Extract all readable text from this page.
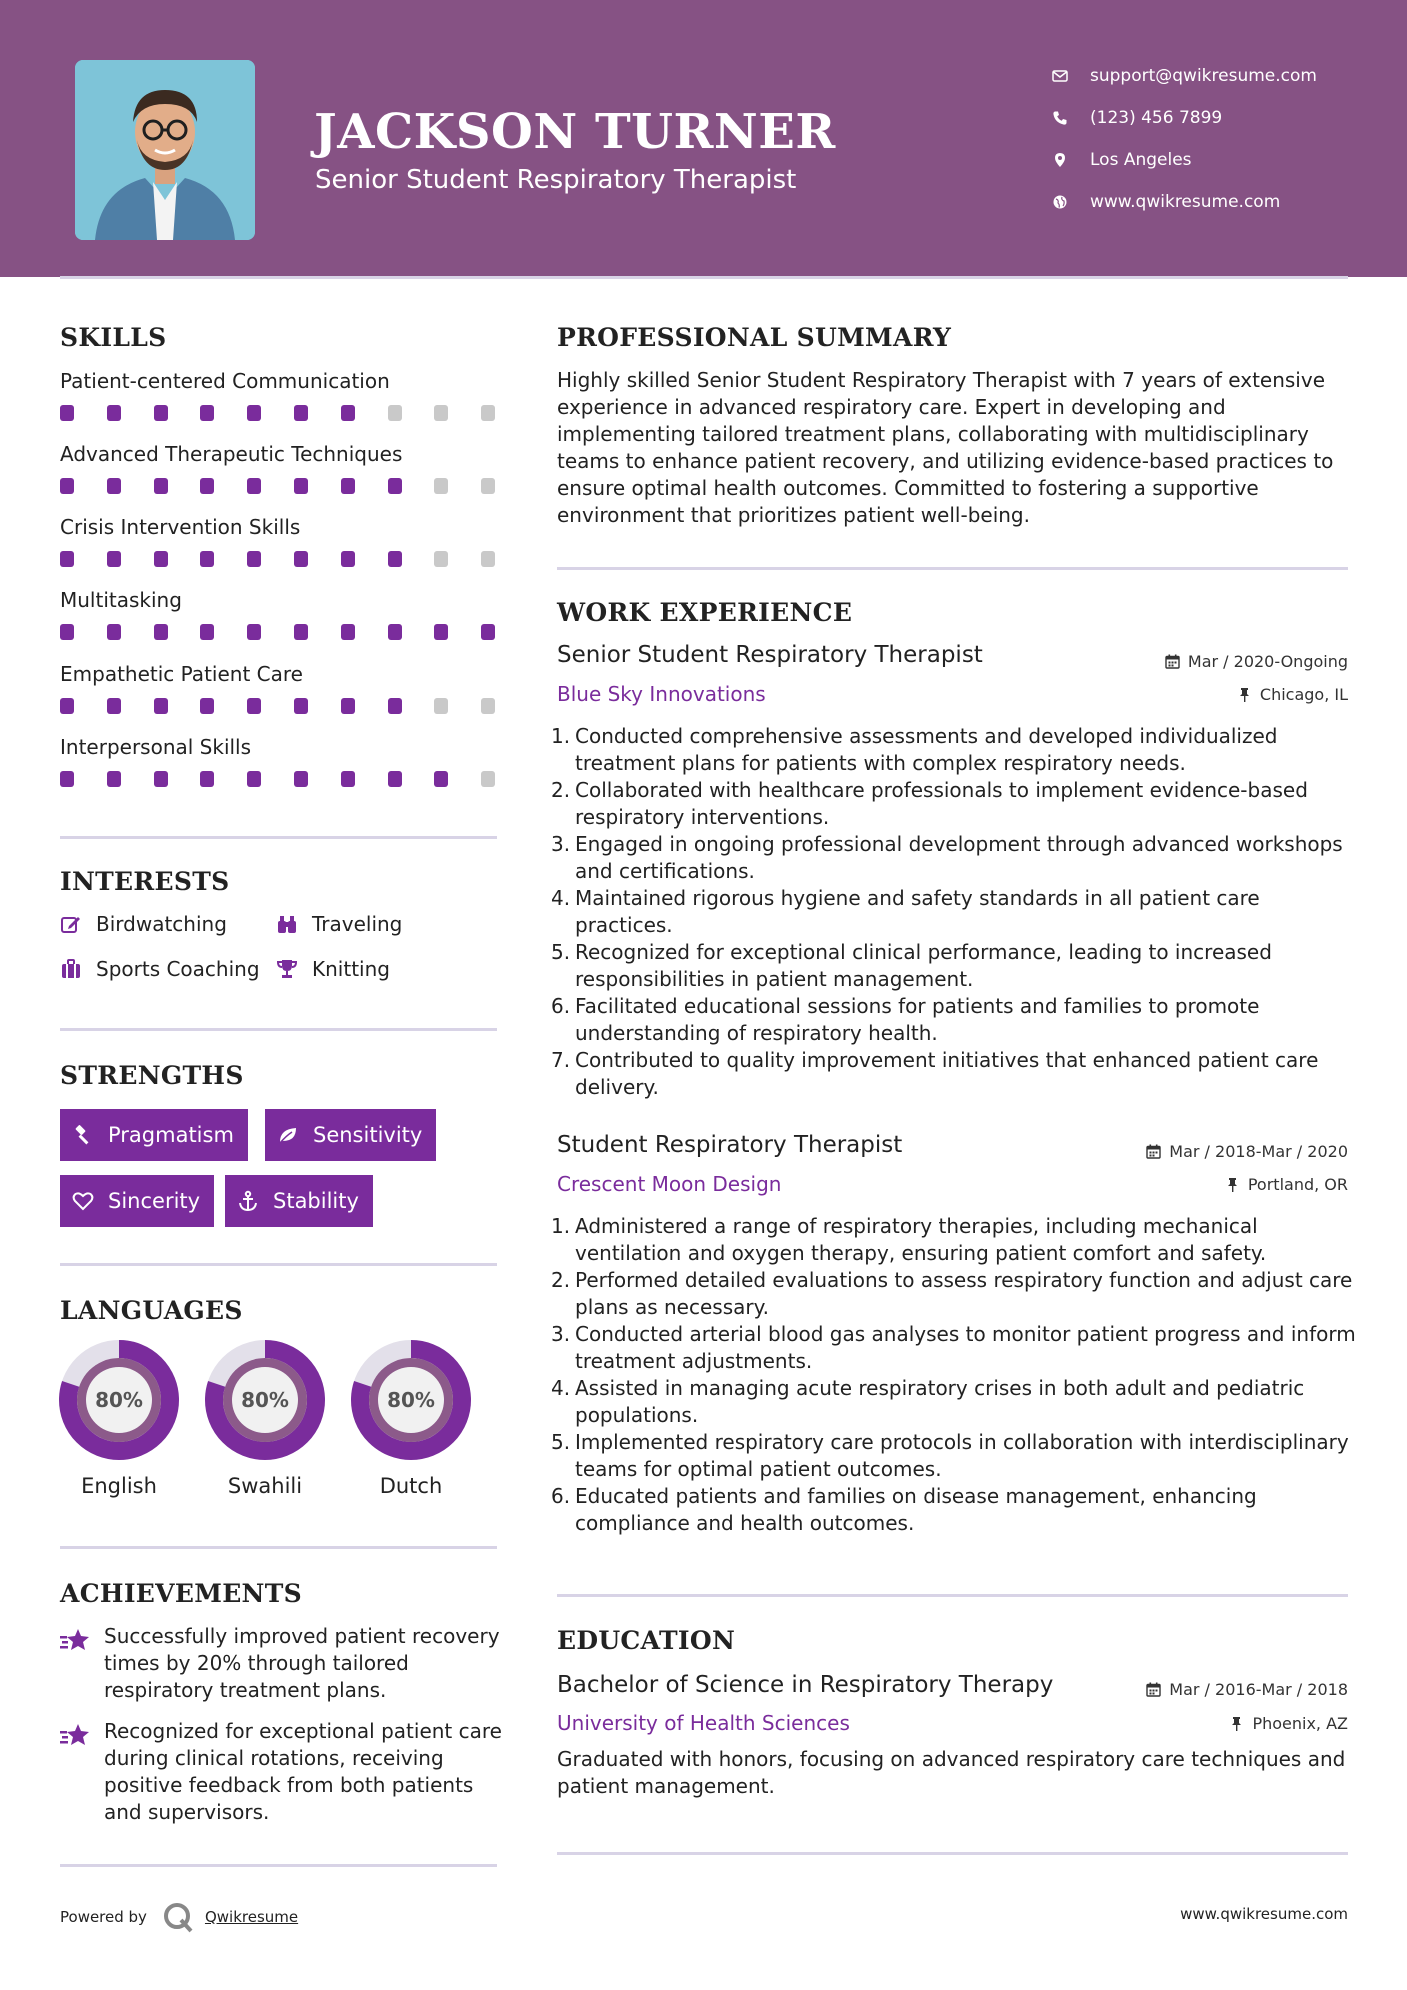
JACKSON TURNER
Senior Student Respiratory Therapist
support@qwikresume.com
(123) 456 7899
Los Angeles
www.qwikresume.com
SKILLS
Patient-centered Communication
Advanced Therapeutic Techniques
Crisis Intervention Skills
Multitasking
Empathetic Patient Care
Interpersonal Skills
INTERESTS
Birdwatching	Traveling
Sports Coaching	Knitting
STRENGTHS
Pragmatism	Sensitivity
Sincerity	Stability
LANGUAGES
80%
English
80%
Swahili
80%
Dutch
ACHIEVEMENTS
Successfully improved patient recovery times by 20% through tailored respiratory treatment plans.
Recognized for exceptional patient care during clinical rotations, receiving positive feedback from both patients and supervisors.
PROFESSIONAL SUMMARY
Highly skilled Senior Student Respiratory Therapist with 7 years of extensive experience in advanced respiratory care. Expert in developing and implementing tailored treatment plans, collaborating with multidisciplinary teams to enhance patient recovery, and utilizing evidence-based practices to ensure optimal health outcomes. Committed to fostering a supportive environment that prioritizes patient well-being.
WORK EXPERIENCE
Senior Student Respiratory Therapist	Mar / 2020-Ongoing
Blue Sky Innovations	Chicago, IL
1. Conducted comprehensive assessments and developed individualized treatment plans for patients with complex respiratory needs.
2. Collaborated with healthcare professionals to implement evidence-based respiratory interventions.
3. Engaged in ongoing professional development through advanced workshops and certifications.
4. Maintained rigorous hygiene and safety standards in all patient care practices.
5. Recognized for exceptional clinical performance, leading to increased responsibilities in patient management.
6. Facilitated educational sessions for patients and families to promote understanding of respiratory health.
7. Contributed to quality improvement initiatives that enhanced patient care delivery.
Student Respiratory Therapist	Mar / 2018-Mar / 2020
Crescent Moon Design	Portland, OR
1. Administered a range of respiratory therapies, including mechanical ventilation and oxygen therapy, ensuring patient comfort and safety.
2. Performed detailed evaluations to assess respiratory function and adjust care plans as necessary.
3. Conducted arterial blood gas analyses to monitor patient progress and inform treatment adjustments.
4. Assisted in managing acute respiratory crises in both adult and pediatric populations.
5. Implemented respiratory care protocols in collaboration with interdisciplinary teams for optimal patient outcomes.
6. Educated patients and families on disease management, enhancing compliance and health outcomes.
EDUCATION
Bachelor of Science in Respiratory Therapy	Mar / 2016-Mar / 2018
University of Health Sciences	Phoenix, AZ
Graduated with honors, focusing on advanced respiratory care techniques and patient management.
Powered by	Qwikresume	www.qwikresume.com
